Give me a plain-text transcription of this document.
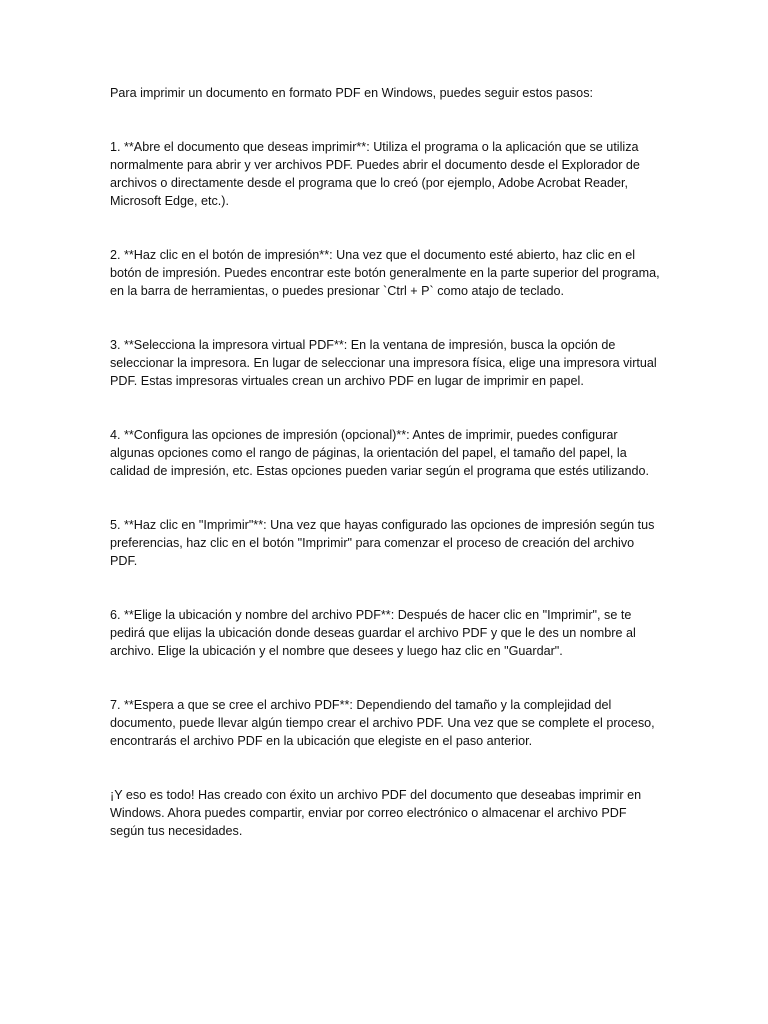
Para imprimir un documento en formato PDF en Windows, puedes seguir estos pasos:

1. **Abre el documento que deseas imprimir**: Utiliza el programa o la aplicación que se utiliza normalmente para abrir y ver archivos PDF. Puedes abrir el documento desde el Explorador de archivos o directamente desde el programa que lo creó (por ejemplo, Adobe Acrobat Reader, Microsoft Edge, etc.).

2. **Haz clic en el botón de impresión**: Una vez que el documento esté abierto, haz clic en el botón de impresión. Puedes encontrar este botón generalmente en la parte superior del programa, en la barra de herramientas, o puedes presionar `Ctrl + P` como atajo de teclado.

3. **Selecciona la impresora virtual PDF**: En la ventana de impresión, busca la opción de seleccionar la impresora. En lugar de seleccionar una impresora física, elige una impresora virtual PDF. Estas impresoras virtuales crean un archivo PDF en lugar de imprimir en papel.

4. **Configura las opciones de impresión (opcional)**: Antes de imprimir, puedes configurar algunas opciones como el rango de páginas, la orientación del papel, el tamaño del papel, la calidad de impresión, etc. Estas opciones pueden variar según el programa que estés utilizando.

5. **Haz clic en "Imprimir"**: Una vez que hayas configurado las opciones de impresión según tus preferencias, haz clic en el botón "Imprimir" para comenzar el proceso de creación del archivo PDF.

6. **Elige la ubicación y nombre del archivo PDF**: Después de hacer clic en "Imprimir", se te pedirá que elijas la ubicación donde deseas guardar el archivo PDF y que le des un nombre al archivo. Elige la ubicación y el nombre que desees y luego haz clic en "Guardar".

7. **Espera a que se cree el archivo PDF**: Dependiendo del tamaño y la complejidad del documento, puede llevar algún tiempo crear el archivo PDF. Una vez que se complete el proceso, encontrarás el archivo PDF en la ubicación que elegiste en el paso anterior.

¡Y eso es todo! Has creado con éxito un archivo PDF del documento que deseabas imprimir en Windows. Ahora puedes compartir, enviar por correo electrónico o almacenar el archivo PDF según tus necesidades.
